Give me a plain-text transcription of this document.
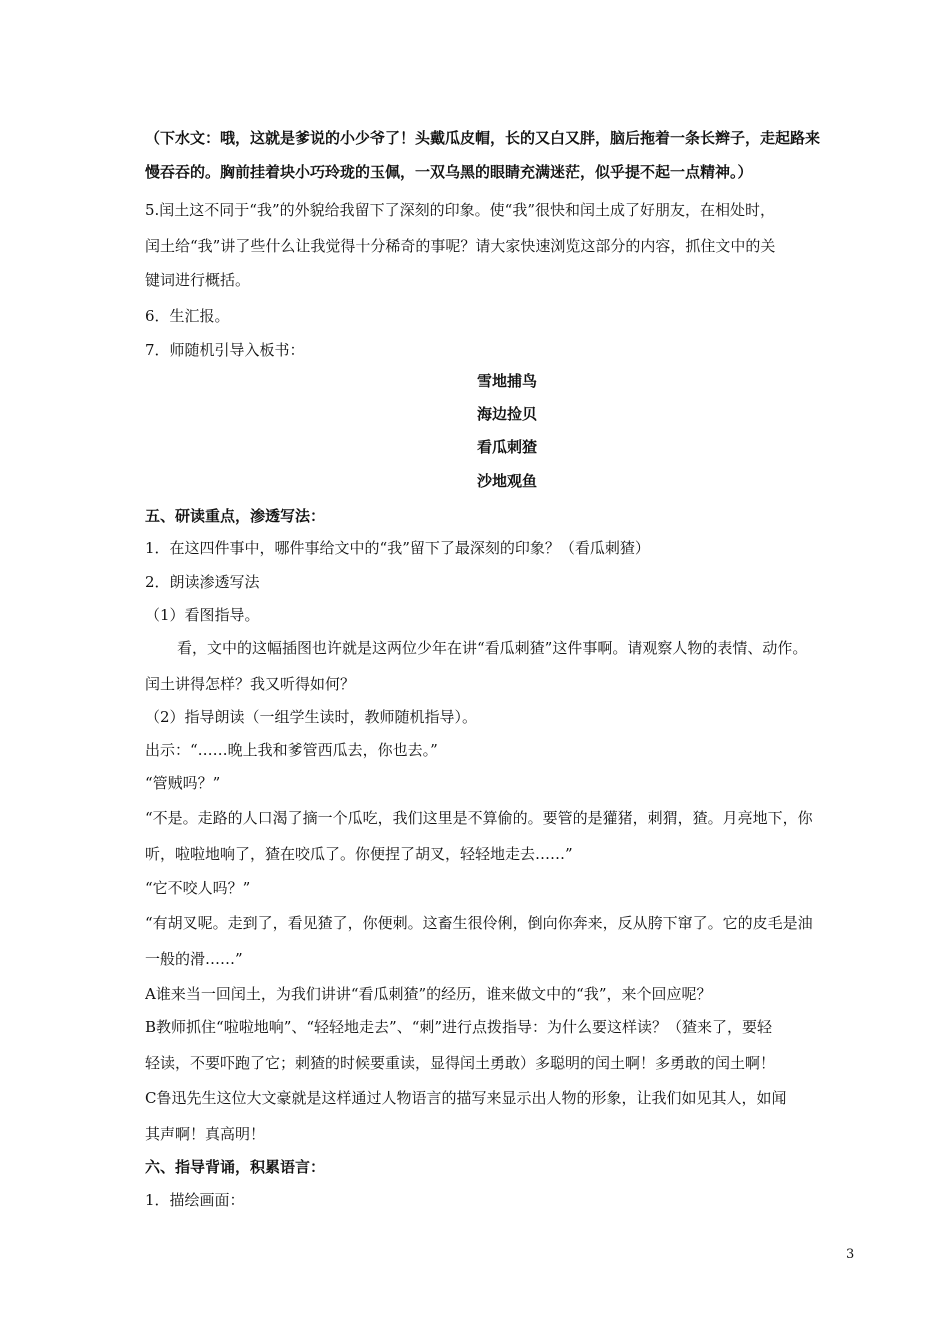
（下水文：哦，这就是爹说的小少爷了！头戴瓜皮帽，长的又白又胖，脑后拖着一条长辫子，走起路来
慢吞吞的。胸前挂着块小巧玲珑的玉佩，一双乌黑的眼睛充满迷茫，似乎提不起一点精神。）
5.闰土这不同于“我”的外貌给我留下了深刻的印象。使“我”很快和闰土成了好朋友，在相处时，
闰土给“我”讲了些什么让我觉得十分稀奇的事呢？请大家快速浏览这部分的内容，抓住文中的关
键词进行概括。
6．生汇报。
7．师随机引导入板书：
雪地捕鸟
海边捡贝
看瓜刺猹
沙地观鱼
五、研读重点，渗透写法：
1．在这四件事中，哪件事给文中的“我”留下了最深刻的印象？（看瓜刺猹）
2．朗读渗透写法
（1）看图指导。
看，文中的这幅插图也许就是这两位少年在讲“看瓜刺猹”这件事啊。请观察人物的表情、动作。
闰土讲得怎样？我又听得如何？
（2）指导朗读（一组学生读时，教师随机指导）。
出示：“……晚上我和爹管西瓜去，你也去。”
“管贼吗？”
“不是。走路的人口渴了摘一个瓜吃，我们这里是不算偷的。要管的是獾猪，刺猬，猹。月亮地下，你
听，啦啦地响了，猹在咬瓜了。你便捏了胡叉，轻轻地走去……”
“它不咬人吗？”
“有胡叉呢。走到了，看见猹了，你便刺。这畜生很伶俐，倒向你奔来，反从胯下窜了。它的皮毛是油
一般的滑……”
A谁来当一回闰土，为我们讲讲“看瓜刺猹”的经历，谁来做文中的“我”，来个回应呢？
B教师抓住“啦啦地响”、“轻轻地走去”、“刺”进行点拨指导：为什么要这样读？（猹来了，要轻
轻读，不要吓跑了它；刺猹的时候要重读，显得闰土勇敢）多聪明的闰土啊！多勇敢的闰土啊！
C鲁迅先生这位大文豪就是这样通过人物语言的描写来显示出人物的形象，让我们如见其人，如闻
其声啊！真高明！
六、指导背诵，积累语言：
1．描绘画面：
3
